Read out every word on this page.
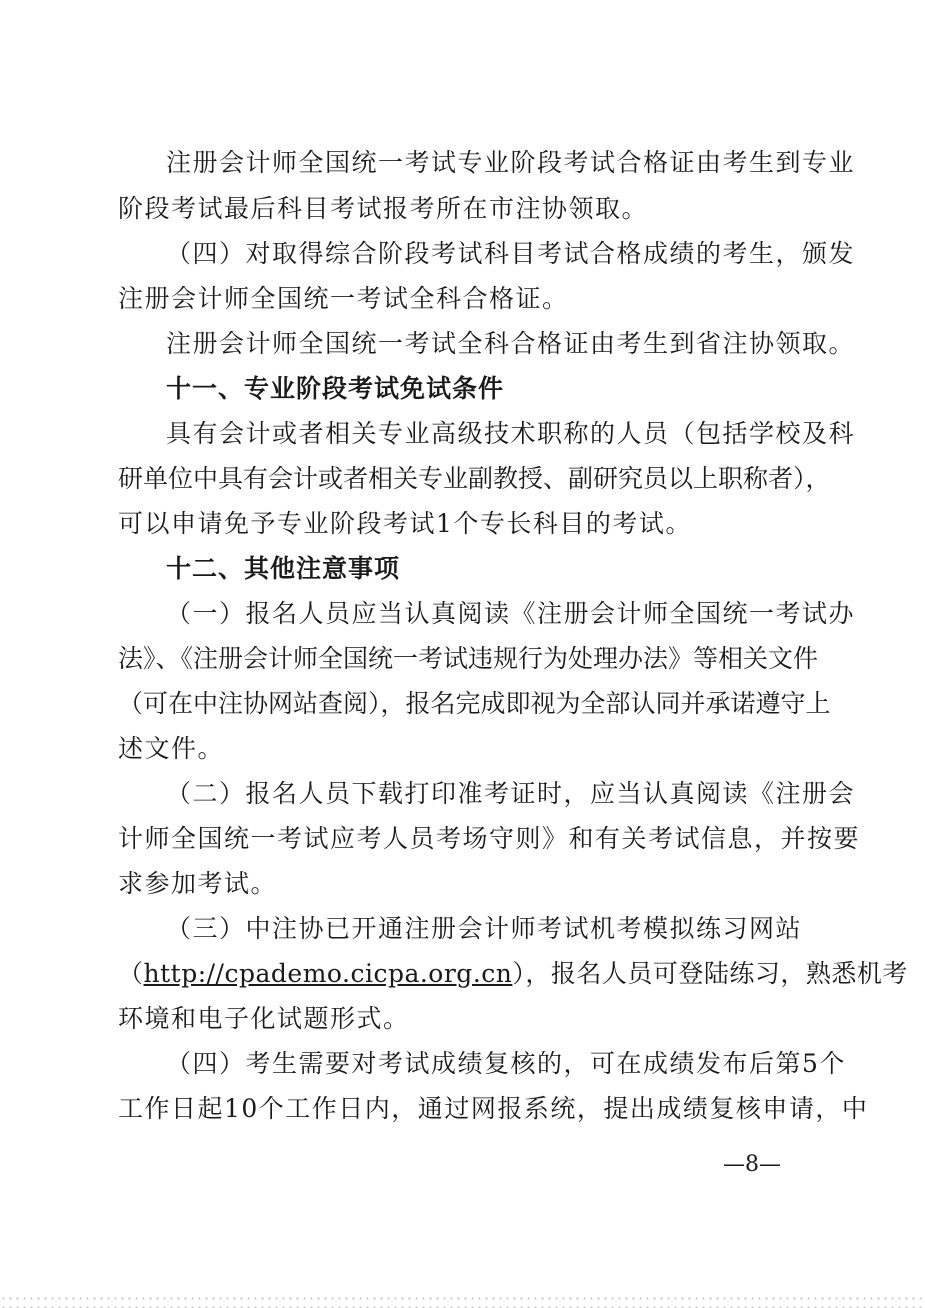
注册会计师全国统一考试专业阶段考试合格证由考生到专业
阶段考试最后科目考试报考所在市注协领取。
（四）对取得综合阶段考试科目考试合格成绩的考生，颁发
注册会计师全国统一考试全科合格证。
注册会计师全国统一考试全科合格证由考生到省注协领取。
十一、专业阶段考试免试条件
具有会计或者相关专业高级技术职称的人员（包括学校及科
研单位中具有会计或者相关专业副教授、副研究员以上职称者），
可以申请免予专业阶段考试1个专长科目的考试。
十二、其他注意事项
（一）报名人员应当认真阅读《注册会计师全国统一考试办
法》、《注册会计师全国统一考试违规行为处理办法》等相关文件
（可在中注协网站查阅），报名完成即视为全部认同并承诺遵守上
述文件。
（二）报名人员下载打印准考证时，应当认真阅读《注册会
计师全国统一考试应考人员考场守则》和有关考试信息，并按要
求参加考试。
（三）中注协已开通注册会计师考试机考模拟练习网站
（http://cpademo.cicpa.org.cn），报名人员可登陆练习，熟悉机考
环境和电子化试题形式。
（四）考生需要对考试成绩复核的，可在成绩发布后第5个
工作日起10个工作日内，通过网报系统，提出成绩复核申请，中
—8—
